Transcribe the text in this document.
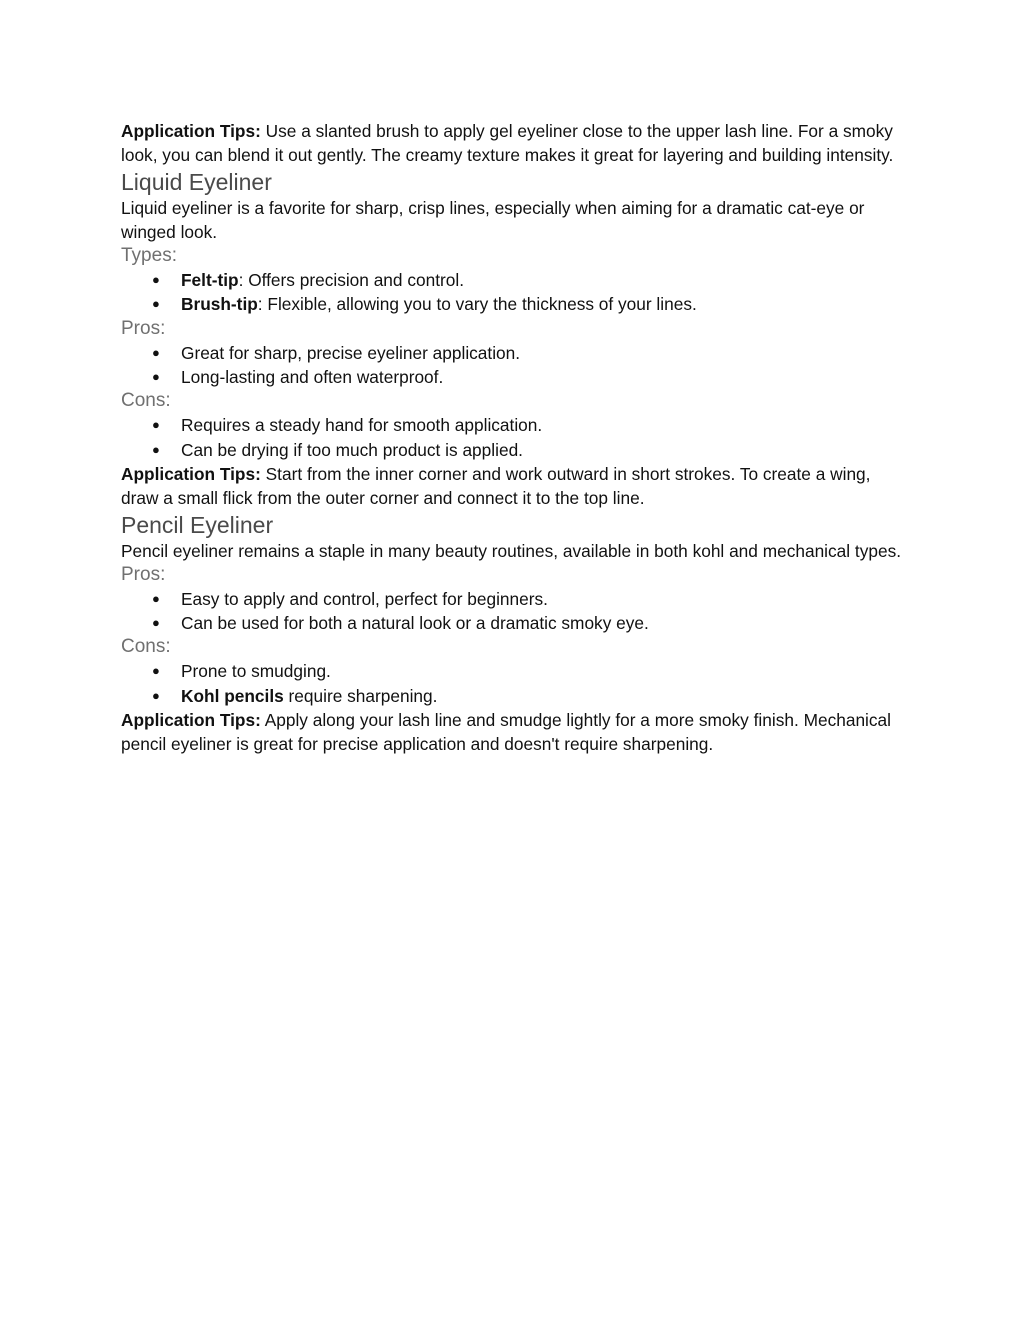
Application Tips: Use a slanted brush to apply gel eyeliner close to the upper lash line. For a smoky look, you can blend it out gently. The creamy texture makes it great for layering and building intensity.

Liquid Eyeliner

Liquid eyeliner is a favorite for sharp, crisp lines, especially when aiming for a dramatic cat-eye or winged look.

Types:
● Felt-tip: Offers precision and control.
● Brush-tip: Flexible, allowing you to vary the thickness of your lines.
Pros:
● Great for sharp, precise eyeliner application.
● Long-lasting and often waterproof.
Cons:
● Requires a steady hand for smooth application.
● Can be drying if too much product is applied.

Application Tips: Start from the inner corner and work outward in short strokes. To create a wing, draw a small flick from the outer corner and connect it to the top line.

Pencil Eyeliner

Pencil eyeliner remains a staple in many beauty routines, available in both kohl and mechanical types.

Pros:
● Easy to apply and control, perfect for beginners.
● Can be used for both a natural look or a dramatic smoky eye.
Cons:
● Prone to smudging.
● Kohl pencils require sharpening.

Application Tips: Apply along your lash line and smudge lightly for a more smoky finish. Mechanical pencil eyeliner is great for precise application and doesn't require sharpening.
